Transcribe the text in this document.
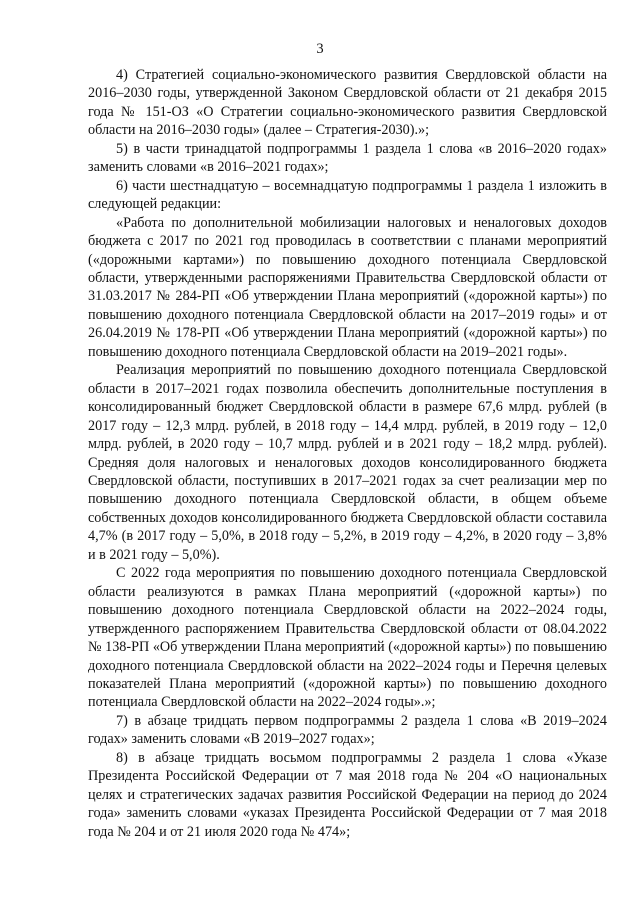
3

4) Стратегией социально-экономического развития Свердловской области на 2016–2030 годы, утвержденной Законом Свердловской области от 21 декабря 2015 года № 151-ОЗ «О Стратегии социально-экономического развития Свердловской области на 2016–2030 годы» (далее – Стратегия-2030).»;

5) в части тринадцатой подпрограммы 1 раздела 1 слова «в 2016–2020 годах» заменить словами «в 2016–2021 годах»;

6) части шестнадцатую – восемнадцатую подпрограммы 1 раздела 1 изложить в следующей редакции:

«Работа по дополнительной мобилизации налоговых и неналоговых доходов бюджета с 2017 по 2021 год проводилась в соответствии с планами мероприятий («дорожными картами») по повышению доходного потенциала Свердловской области, утвержденными распоряжениями Правительства Свердловской области от 31.03.2017 № 284-РП «Об утверждении Плана мероприятий («дорожной карты») по повышению доходного потенциала Свердловской области на 2017–2019 годы» и от 26.04.2019 № 178-РП «Об утверждении Плана мероприятий («дорожной карты») по повышению доходного потенциала Свердловской области на 2019–2021 годы».

Реализация мероприятий по повышению доходного потенциала Свердловской области в 2017–2021 годах позволила обеспечить дополнительные поступления в консолидированный бюджет Свердловской области в размере 67,6 млрд. рублей (в 2017 году – 12,3 млрд. рублей, в 2018 году – 14,4 млрд. рублей, в 2019 году – 12,0 млрд. рублей, в 2020 году – 10,7 млрд. рублей и в 2021 году – 18,2 млрд. рублей). Средняя доля налоговых и неналоговых доходов консолидированного бюджета Свердловской области, поступивших в 2017–2021 годах за счет реализации мер по повышению доходного потенциала Свердловской области, в общем объеме собственных доходов консолидированного бюджета Свердловской области составила 4,7% (в 2017 году – 5,0%, в 2018 году – 5,2%, в 2019 году – 4,2%, в 2020 году – 3,8% и в 2021 году – 5,0%).

С 2022 года мероприятия по повышению доходного потенциала Свердловской области реализуются в рамках Плана мероприятий («дорожной карты») по повышению доходного потенциала Свердловской области на 2022–2024 годы, утвержденного распоряжением Правительства Свердловской области от 08.04.2022 № 138-РП «Об утверждении Плана мероприятий («дорожной карты») по повышению доходного потенциала Свердловской области на 2022–2024 годы и Перечня целевых показателей Плана мероприятий («дорожной карты») по повышению доходного потенциала Свердловской области на 2022–2024 годы».»;

7) в абзаце тридцать первом подпрограммы 2 раздела 1 слова «В 2019–2024 годах» заменить словами «В 2019–2027 годах»;

8) в абзаце тридцать восьмом подпрограммы 2 раздела 1 слова «Указе Президента Российской Федерации от 7 мая 2018 года № 204 «О национальных целях и стратегических задачах развития Российской Федерации на период до 2024 года» заменить словами «указах Президента Российской Федерации от 7 мая 2018 года № 204 и от 21 июля 2020 года № 474»;
